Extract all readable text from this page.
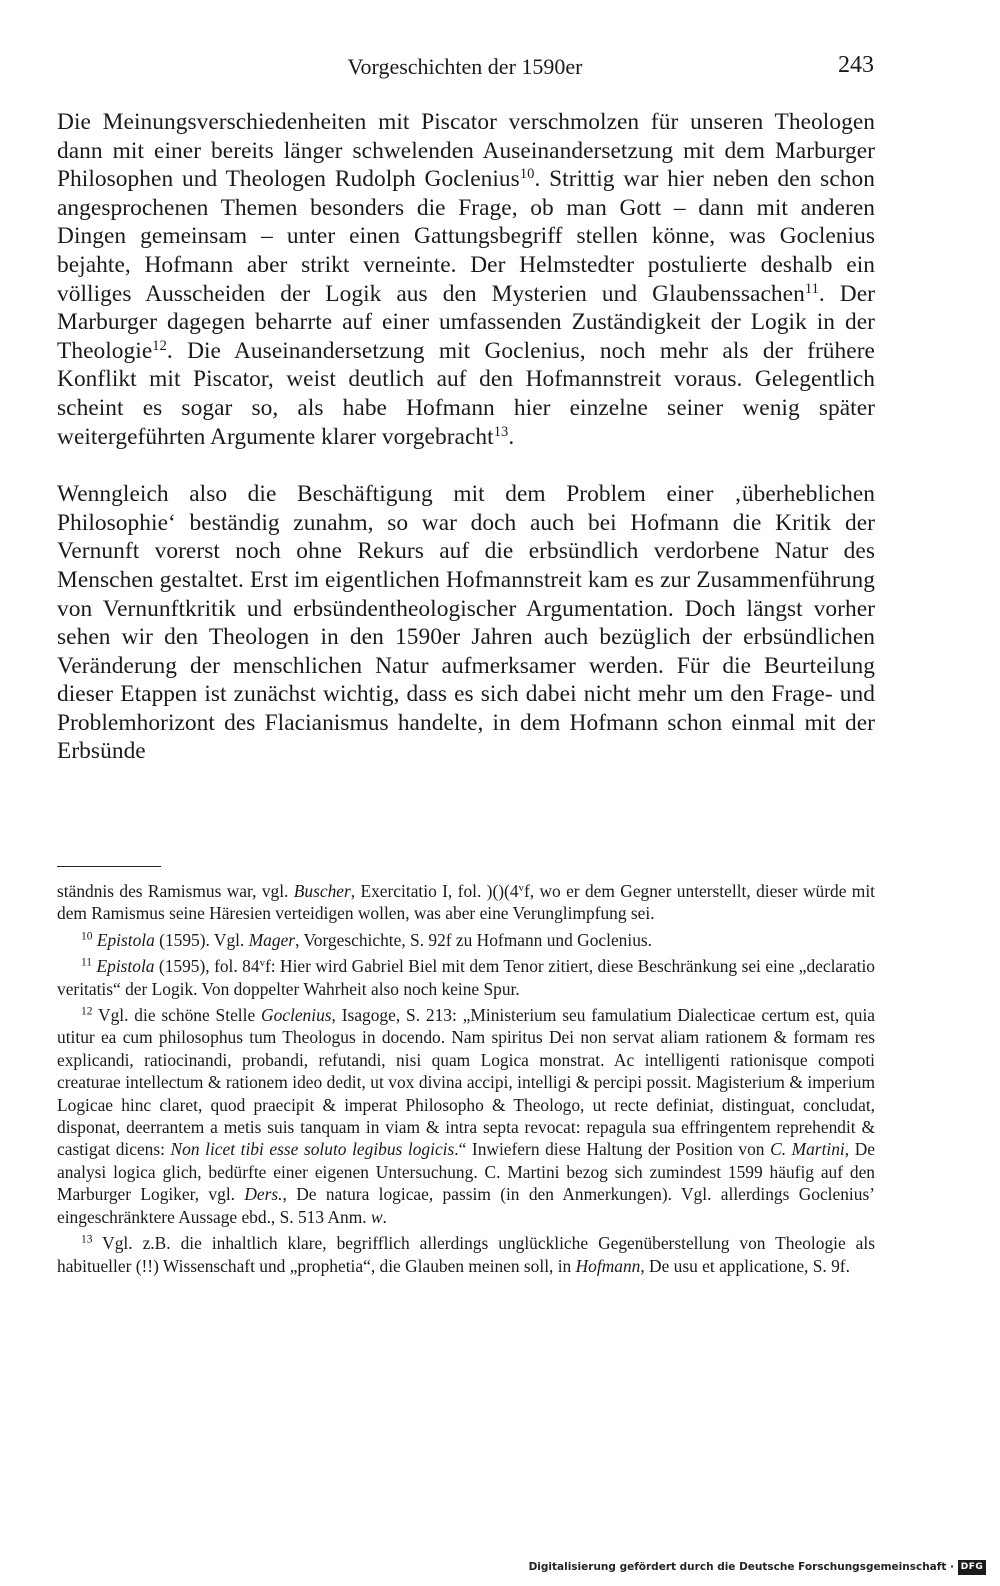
Vorgeschichten der 1590er	243

Die Meinungsverschiedenheiten mit Piscator verschmolzen für unseren Theologen dann mit einer bereits länger schwelenden Auseinandersetzung mit dem Marburger Philosophen und Theologen Rudolph Goclenius$^{10}$. Strittig war hier neben den schon angesprochenen Themen besonders die Frage, ob man Gott – dann mit anderen Dingen gemeinsam – unter einen Gattungsbegriff stellen könne, was Goclenius bejahte, Hofmann aber strikt verneinte. Der Helmstedter postulierte deshalb ein völliges Ausscheiden der Logik aus den Mysterien und Glaubenssachen$^{11}$. Der Marburger dagegen beharrte auf einer umfassenden Zuständigkeit der Logik in der Theologie$^{12}$. Die Auseinandersetzung mit Goclenius, noch mehr als der frühere Konflikt mit Piscator, weist deutlich auf den Hofmannstreit voraus. Gelegentlich scheint es sogar so, als habe Hofmann hier einzelne seiner wenig später weitergeführten Argumente klarer vorgebracht$^{13}$.

Wenngleich also die Beschäftigung mit dem Problem einer ‚überheblichen Philosophie‘ beständig zunahm, so war doch auch bei Hofmann die Kritik der Vernunft vorerst noch ohne Rekurs auf die erbsündlich verdorbene Natur des Menschen gestaltet. Erst im eigentlichen Hofmannstreit kam es zur Zusammenführung von Vernunftkritik und erbsündentheologischer Argumentation. Doch längst vorher sehen wir den Theologen in den 1590er Jahren auch bezüglich der erbsündlichen Veränderung der menschlichen Natur aufmerksamer werden. Für die Beurteilung dieser Etappen ist zunächst wichtig, dass es sich dabei nicht mehr um den Frage- und Problemhorizont des Flacianismus handelte, in dem Hofmann schon einmal mit der Erbsünde

ständnis des Ramismus war, vgl. Buscher, Exercitatio I, fol. )()(4$^v$f, wo er dem Gegner unterstellt, dieser würde mit dem Ramismus seine Häresien verteidigen wollen, was aber eine Verunglimpfung sei.

$^{10}$ Epistola (1595). Vgl. Mager, Vorgeschichte, S. 92f zu Hofmann und Goclenius.

$^{11}$ Epistola (1595), fol. 84$^v$f: Hier wird Gabriel Biel mit dem Tenor zitiert, diese Beschränkung sei eine „declaratio veritatis“ der Logik. Von doppelter Wahrheit also noch keine Spur.

$^{12}$ Vgl. die schöne Stelle Goclenius, Isagoge, S. 213: „Ministerium seu famulatium Dialecticae certum est, quia utitur ea cum philosophus tum Theologus in docendo. Nam spiritus Dei non servat aliam rationem & formam res explicandi, ratiocinandi, probandi, refutandi, nisi quam Logica monstrat. Ac intelligenti rationisque compoti creaturae intellectum & rationem ideo dedit, ut vox divina accipi, intelligi & percipi possit. Magisterium & imperium Logicae hinc claret, quod praecipit & imperat Philosopho & Theologo, ut recte definiat, distinguat, concludat, disponat, deerrantem a metis suis tanquam in viam & intra septa revocat: repagula sua effringentem reprehendit & castigat dicens: Non licet tibi esse soluto legibus logicis.“ Inwiefern diese Haltung der Position von C. Martini, De analysi logica glich, bedürfte einer eigenen Untersuchung. C. Martini bezog sich zumindest 1599 häufig auf den Marburger Logiker, vgl. Ders., De natura logicae, passim (in den Anmerkungen). Vgl. allerdings Goclenius’ eingeschränktere Aussage ebd., S. 513 Anm. w.

$^{13}$ Vgl. z.B. die inhaltlich klare, begrifflich allerdings unglückliche Gegenüberstellung von Theologie als habitueller (!!) Wissenschaft und „prophetia“, die Glauben meinen soll, in Hofmann, De usu et applicatione, S. 9f.

Digitalisierung gefördert durch die Deutsche Forschungsgemeinschaft · DFG
